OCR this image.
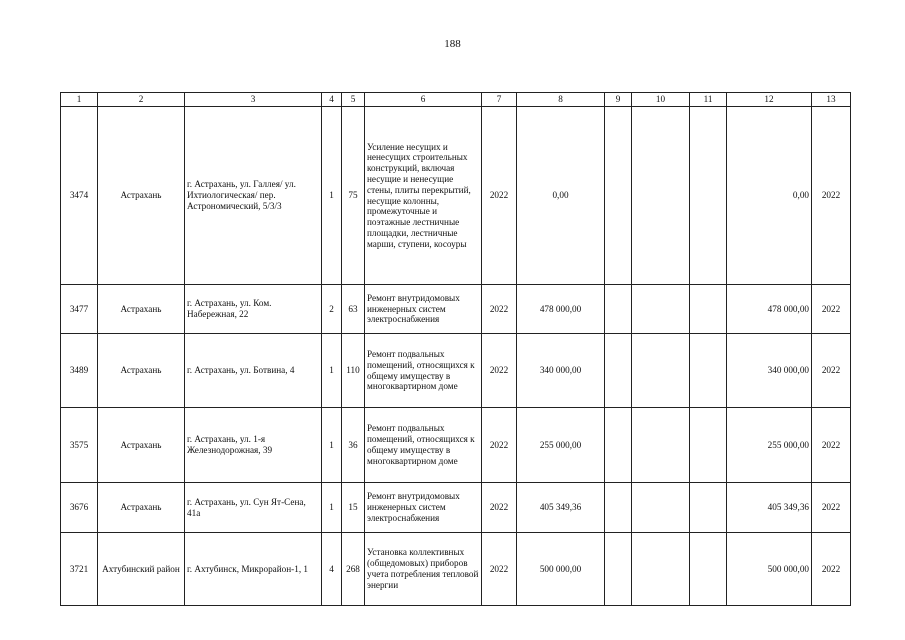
188
1	2	3	4	5	6	7	8	9	10	11	12	13
3474	Астрахань	г. Астрахань, ул. Галлея/ ул. Ихтиологическая/ пер. Астрономический, 5/3/3	1	75	Усиление несущих и ненесущих строительных конструкций, включая несущие и ненесущие стены, плиты перекрытий, несущие колонны, промежуточные и поэтажные лестничные площадки, лестничные марши, ступени, косоуры	2022	0,00				0,00	2022
3477	Астрахань	г. Астрахань, ул. Ком. Набережная, 22	2	63	Ремонт внутридомовых инженерных систем электроснабжения	2022	478 000,00				478 000,00	2022
3489	Астрахань	г. Астрахань, ул. Ботвина, 4	1	110	Ремонт подвальных помещений, относящихся к общему имуществу в многоквартирном доме	2022	340 000,00				340 000,00	2022
3575	Астрахань	г. Астрахань, ул. 1-я Железнодорожная, 39	1	36	Ремонт подвальных помещений, относящихся к общему имуществу в многоквартирном доме	2022	255 000,00				255 000,00	2022
3676	Астрахань	г. Астрахань, ул. Сун Ят-Сена, 41а	1	15	Ремонт внутридомовых инженерных систем электроснабжения	2022	405 349,36				405 349,36	2022
3721	Ахтубинский район	г. Ахтубинск, Микрорайон-1, 1	4	268	Установка коллективных (общедомовых) приборов учета потребления тепловой энергии	2022	500 000,00				500 000,00	2022
